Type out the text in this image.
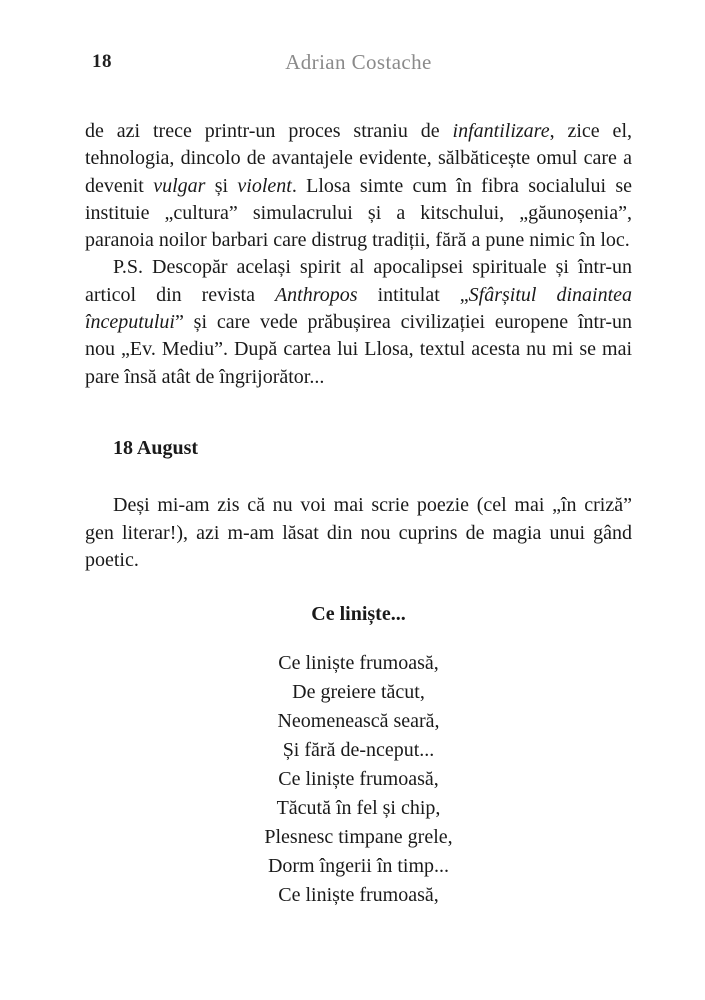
18	Adrian Costache

de azi trece printr-un proces straniu de infantilizare, zice el, tehnologia, dincolo de avantajele evidente, sălbăticește omul care a devenit vulgar și violent. Llosa simte cum în fibra socialului se instituie „cultura” simulacrului și a kitschului, „găunoșenia”, paranoia noilor barbari care distrug tradiții, fără a pune nimic în loc.

P.S. Descopăr același spirit al apocalipsei spirituale și într-un articol din revista Anthropos intitulat „Sfârșitul dinaintea începutului” și care vede prăbușirea civilizației europene într-un nou „Ev. Mediu”. După cartea lui Llosa, textul acesta nu mi se mai pare însă atât de îngrijorător...

18 August

Deși mi-am zis că nu voi mai scrie poezie (cel mai „în criză” gen literar!), azi m-am lăsat din nou cuprins de magia unui gând poetic.

Ce liniște...
Ce liniște frumoasă,
De greiere tăcut,
Neomenească seară,
Și fără de-nceput...
Ce liniște frumoasă,
Tăcută în fel și chip,
Plesnesc timpane grele,
Dorm îngerii în timp...
Ce liniște frumoasă,
